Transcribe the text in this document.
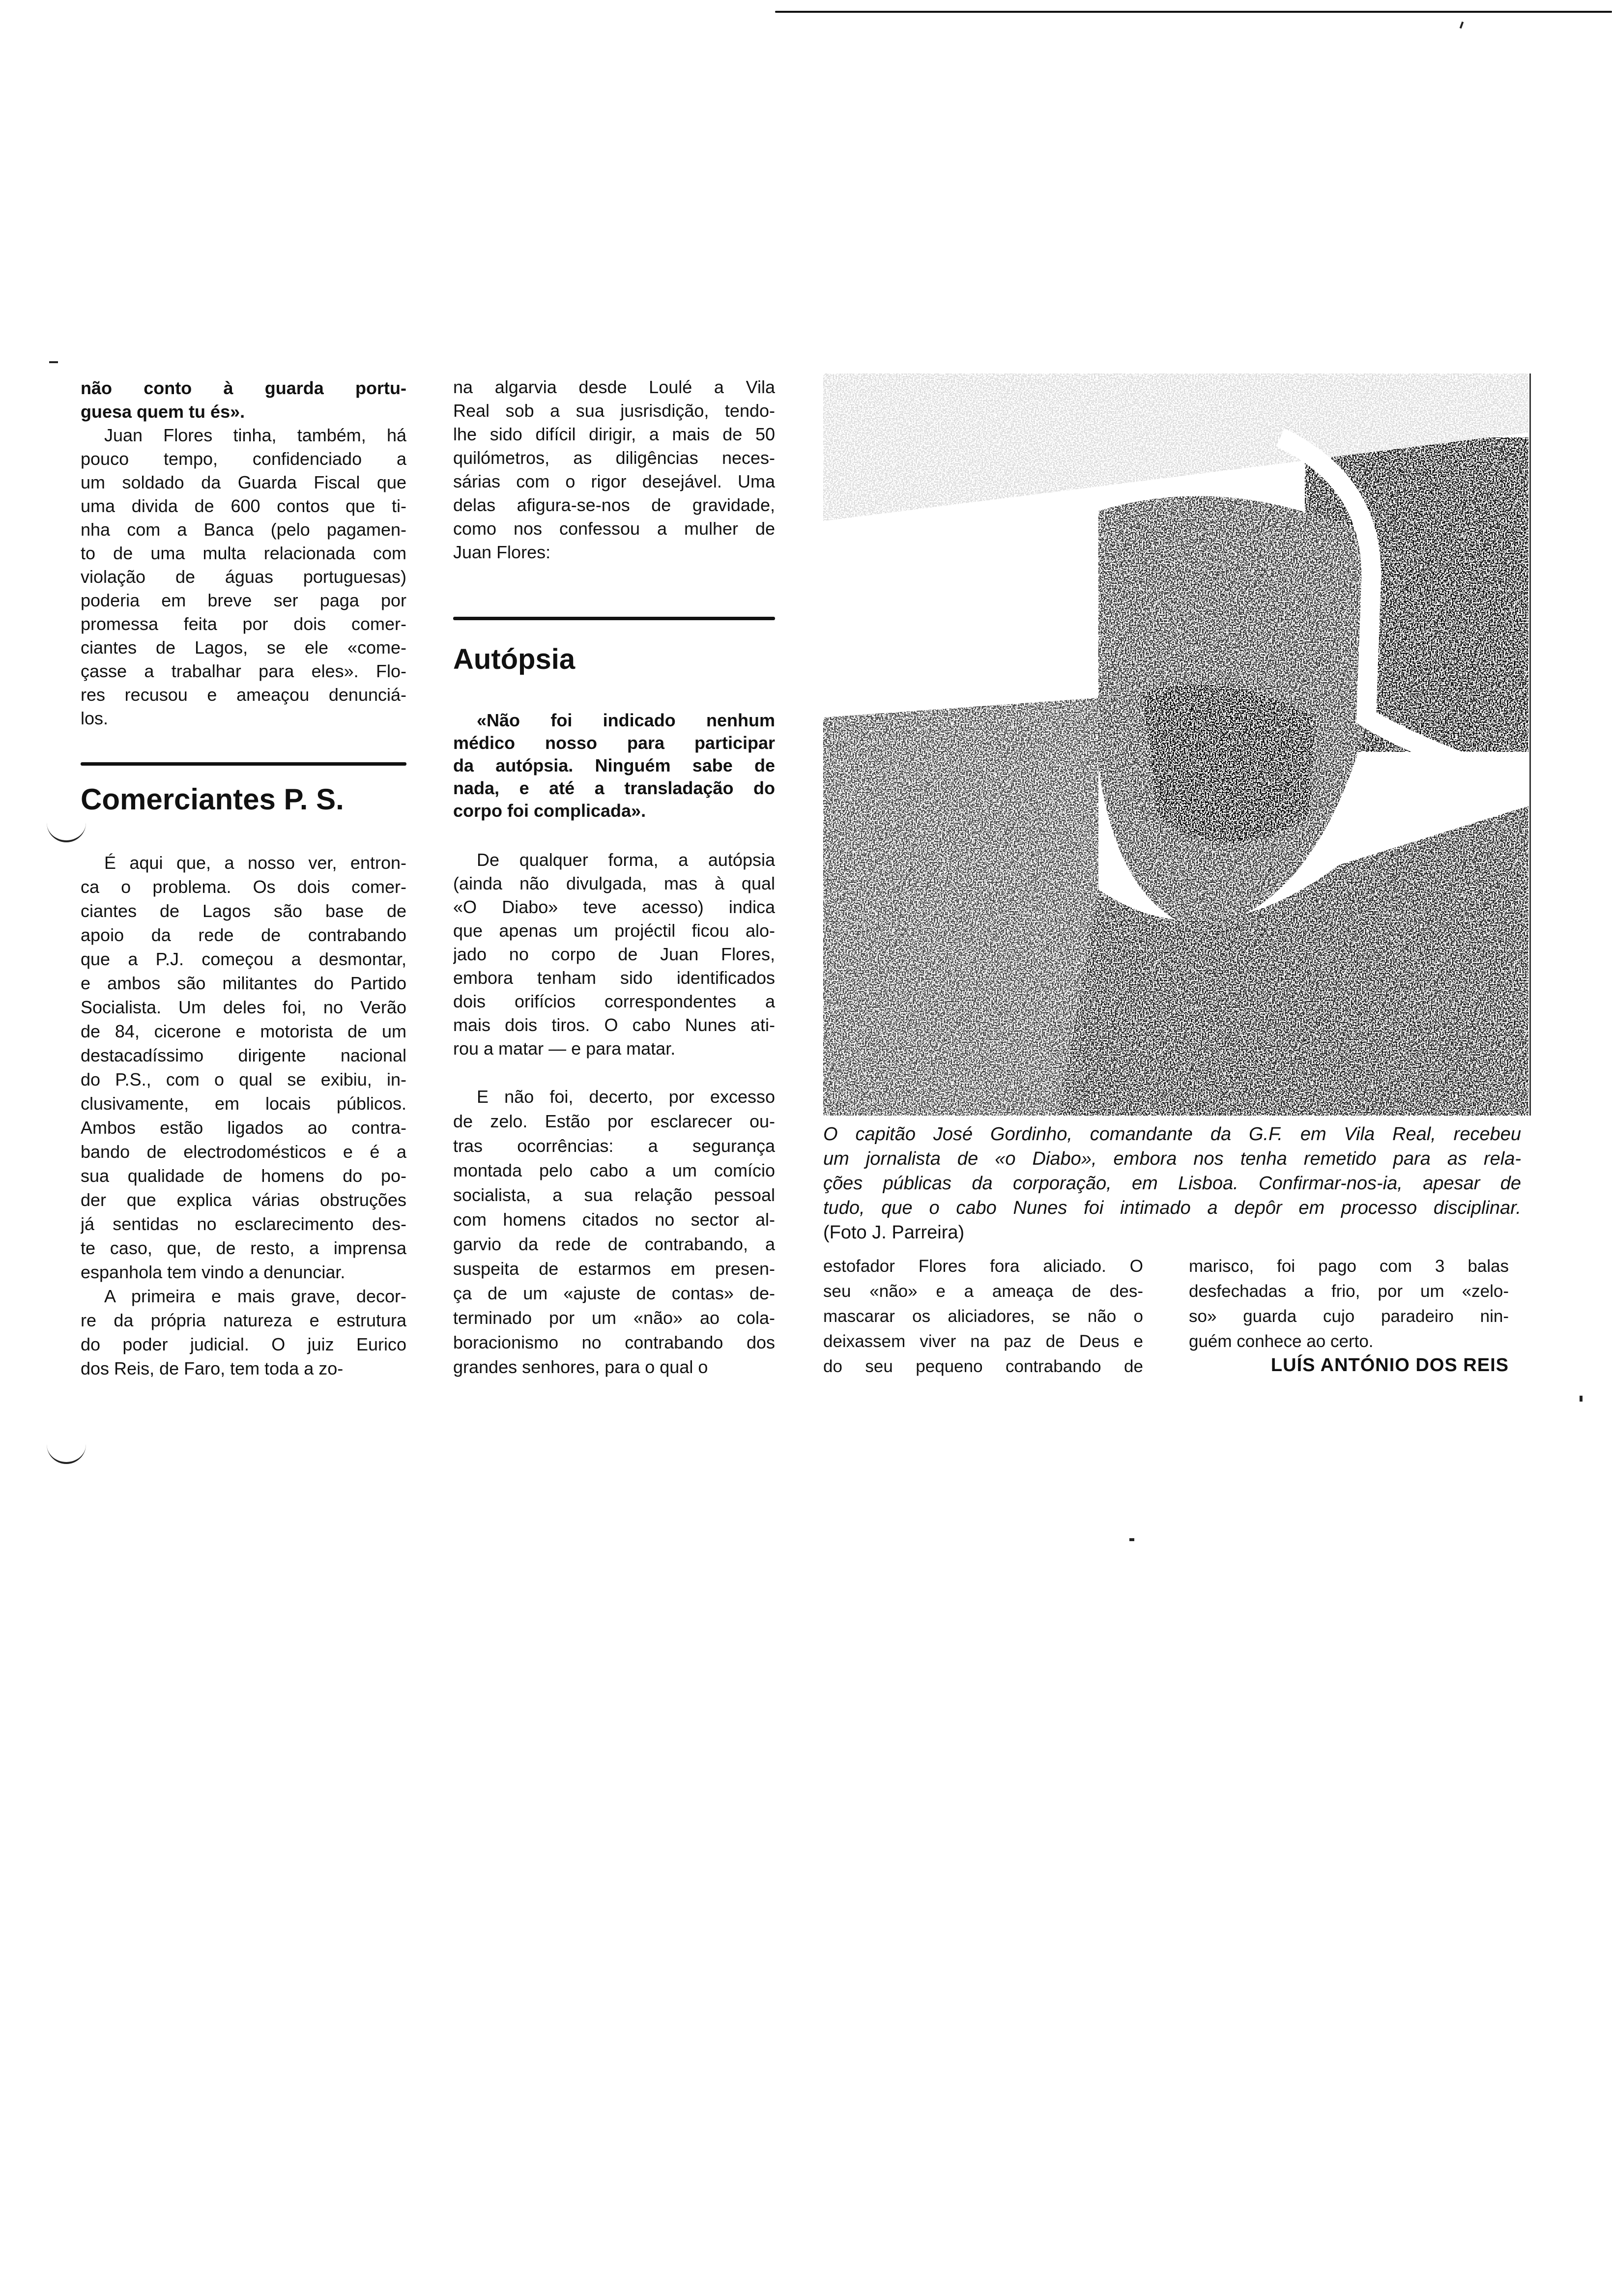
não conto à guarda portu-
guesa quem tu és».
Juan Flores tinha, também, há
pouco tempo, confidenciado a
um soldado da Guarda Fiscal que
uma divida de 600 contos que ti-
nha com a Banca (pelo pagamen-
to de uma multa relacionada com
violação de águas portuguesas)
poderia em breve ser paga por
promessa feita por dois comer-
ciantes de Lagos, se ele «come-
çasse a trabalhar para eles». Flo-
res recusou e ameaçou denunciá-
los.
Comerciantes P. S.
É aqui que, a nosso ver, entron-
ca o problema. Os dois comer-
ciantes de Lagos são base de
apoio da rede de contrabando
que a P.J. começou a desmontar,
e ambos são militantes do Partido
Socialista. Um deles foi, no Verão
de 84, cicerone e motorista de um
destacadíssimo dirigente nacional
do P.S., com o qual se exibiu, in-
clusivamente, em locais públicos.
Ambos estão ligados ao contra-
bando de electrodomésticos e é a
sua qualidade de homens do po-
der que explica várias obstruções
já sentidas no esclarecimento des-
te caso, que, de resto, a imprensa
espanhola tem vindo a denunciar.
A primeira e mais grave, decor-
re da própria natureza e estrutura
do poder judicial. O juiz Eurico
dos Reis, de Faro, tem toda a zo-
na algarvia desde Loulé a Vila
Real sob a sua jusrisdição, tendo-
lhe sido difícil dirigir, a mais de 50
quilómetros, as diligências neces-
sárias com o rigor desejável. Uma
delas afigura-se-nos de gravidade,
como nos confessou a mulher de
Juan Flores:
Autópsia
«Não foi indicado nenhum
médico nosso para participar
da autópsia. Ninguém sabe de
nada, e até a transladação do
corpo foi complicada».
De qualquer forma, a autópsia
(ainda não divulgada, mas à qual
«O Diabo» teve acesso) indica
que apenas um projéctil ficou alo-
jado no corpo de Juan Flores,
embora tenham sido identificados
dois orifícios correspondentes a
mais dois tiros. O cabo Nunes ati-
rou a matar — e para matar.
E não foi, decerto, por excesso
de zelo. Estão por esclarecer ou-
tras ocorrências: a segurança
montada pelo cabo a um comício
socialista, a sua relação pessoal
com homens citados no sector al-
garvio da rede de contrabando, a
suspeita de estarmos em presen-
ça de um «ajuste de contas» de-
terminado por um «não» ao cola-
boracionismo no contrabando dos
grandes senhores, para o qual o
O capitão José Gordinho, comandante da G.F. em Vila Real, recebeu
um jornalista de «o Diabo», embora nos tenha remetido para as rela-
ções públicas da corporação, em Lisboa. Confirmar-nos-ia, apesar de
tudo, que o cabo Nunes foi intimado a depôr em processo disciplinar.
(Foto J. Parreira)
estofador Flores fora aliciado. O
seu «não» e a ameaça de des-
mascarar os aliciadores, se não o
deixassem viver na paz de Deus e
do seu pequeno contrabando de
marisco, foi pago com 3 balas
desfechadas a frio, por um «zelo-
so» guarda cujo paradeiro nin-
guém conhece ao certo.
LUÍS ANTÓNIO DOS REIS
